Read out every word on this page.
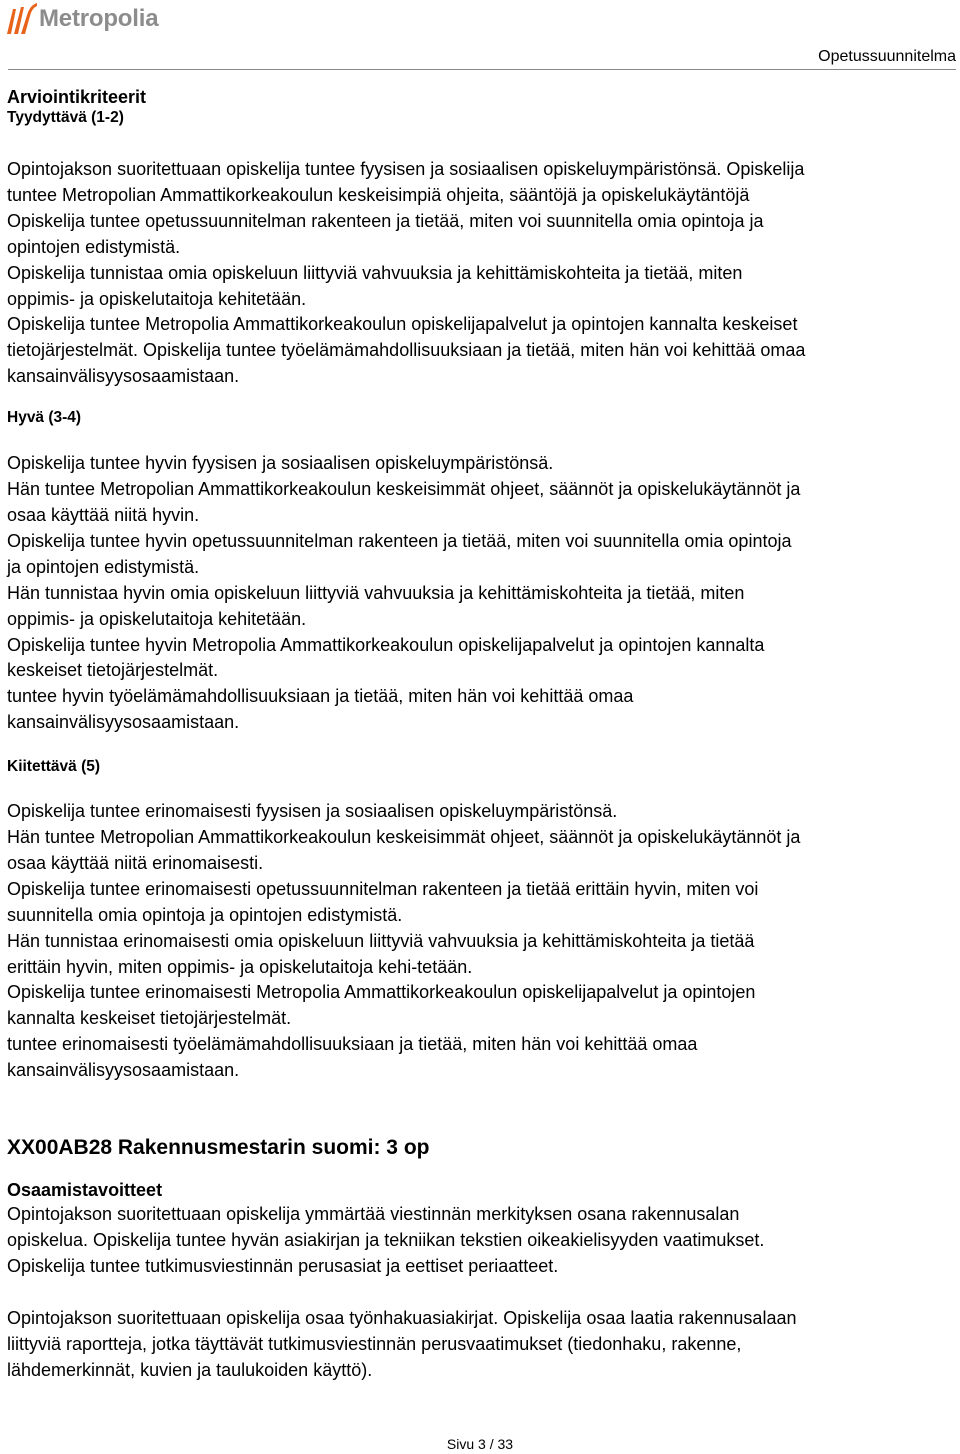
Metropolia
Opetussuunnitelma
Arviointikriteerit
Tyydyttävä (1-2)
Opintojakson suoritettuaan opiskelija tuntee fyysisen ja sosiaalisen opiskeluympäristönsä. Opiskelija
tuntee Metropolian Ammattikorkeakoulun keskeisimpiä ohjeita, sääntöjä ja opiskelukäytäntöjä
Opiskelija tuntee opetussuunnitelman rakenteen ja tietää, miten voi suunnitella omia opintoja ja
opintojen edistymistä.
Opiskelija tunnistaa omia opiskeluun liittyviä vahvuuksia ja kehittämiskohteita ja tietää, miten
oppimis- ja opiskelutaitoja kehitetään.
Opiskelija tuntee Metropolia Ammattikorkeakoulun opiskelijapalvelut ja opintojen kannalta keskeiset
tietojärjestelmät. Opiskelija tuntee työelämämahdollisuuksiaan ja tietää, miten hän voi kehittää omaa
kansainvälisyysosaamistaan.
Hyvä (3-4)
Opiskelija tuntee hyvin fyysisen ja sosiaalisen opiskeluympäristönsä.
Hän tuntee Metropolian Ammattikorkeakoulun keskeisimmät ohjeet, säännöt ja opiskelukäytännöt ja
osaa käyttää niitä hyvin.
Opiskelija tuntee hyvin opetussuunnitelman rakenteen ja tietää, miten voi suunnitella omia opintoja
ja opintojen edistymistä.
Hän tunnistaa hyvin omia opiskeluun liittyviä vahvuuksia ja kehittämiskohteita ja tietää, miten
oppimis- ja opiskelutaitoja kehitetään.
Opiskelija tuntee hyvin Metropolia Ammattikorkeakoulun opiskelijapalvelut ja opintojen kannalta
keskeiset tietojärjestelmät.
tuntee hyvin työelämämahdollisuuksiaan ja tietää, miten hän voi kehittää omaa
kansainvälisyysosaamistaan.
Kiitettävä (5)
Opiskelija tuntee erinomaisesti fyysisen ja sosiaalisen opiskeluympäristönsä.
Hän tuntee Metropolian Ammattikorkeakoulun keskeisimmät ohjeet, säännöt ja opiskelukäytännöt ja
osaa käyttää niitä erinomaisesti.
Opiskelija tuntee erinomaisesti opetussuunnitelman rakenteen ja tietää erittäin hyvin, miten voi
suunnitella omia opintoja ja opintojen edistymistä.
Hän tunnistaa erinomaisesti omia opiskeluun liittyviä vahvuuksia ja kehittämiskohteita ja tietää
erittäin hyvin, miten oppimis- ja opiskelutaitoja kehi-tetään.
Opiskelija tuntee erinomaisesti Metropolia Ammattikorkeakoulun opiskelijapalvelut ja opintojen
kannalta keskeiset tietojärjestelmät.
tuntee erinomaisesti työelämämahdollisuuksiaan ja tietää, miten hän voi kehittää omaa
kansainvälisyysosaamistaan.
XX00AB28 Rakennusmestarin suomi: 3 op
Osaamistavoitteet
Opintojakson suoritettuaan opiskelija ymmärtää viestinnän merkityksen osana rakennusalan
opiskelua. Opiskelija tuntee hyvän asiakirjan ja tekniikan tekstien oikeakielisyyden vaatimukset.
Opiskelija tuntee tutkimusviestinnän perusasiat ja eettiset periaatteet.
Opintojakson suoritettuaan opiskelija osaa työnhakuasiakirjat. Opiskelija osaa laatia rakennusalaan
liittyviä raportteja, jotka täyttävät tutkimusviestinnän perusvaatimukset (tiedonhaku, rakenne,
lähdemerkinnät, kuvien ja taulukoiden käyttö).
Sivu 3 / 33
